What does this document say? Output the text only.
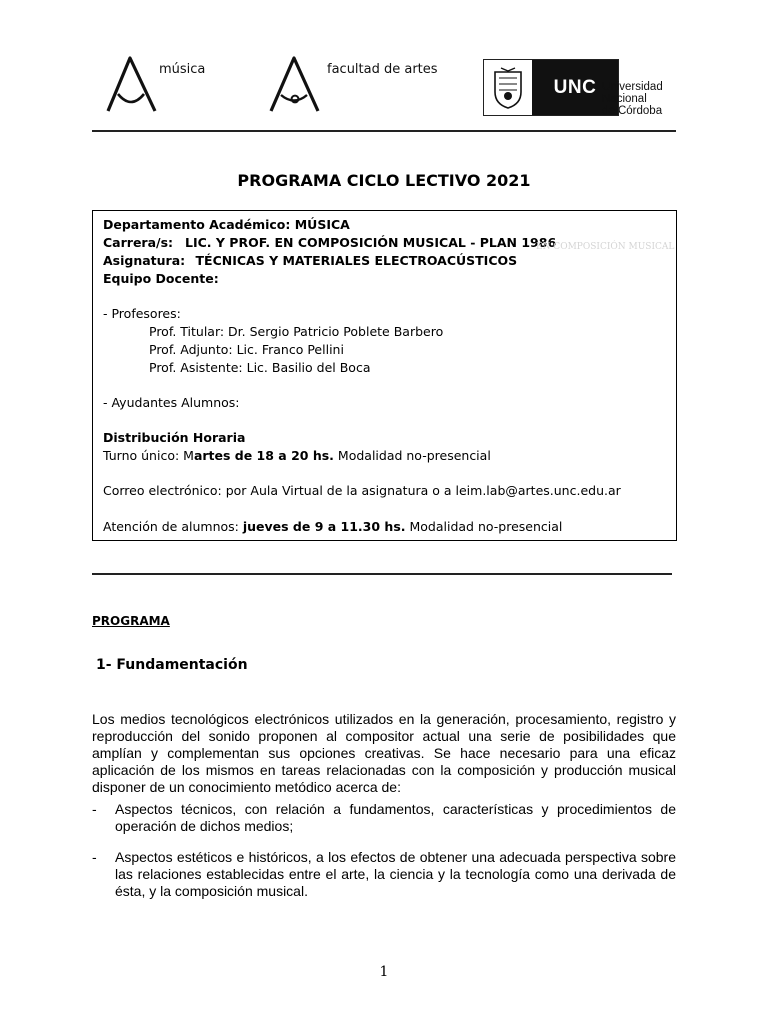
música	facultad de artes
UNC Universidad
Nacional
de Córdoba
PROGRAMA CICLO LECTIVO 2021
Departamento Académico: MÚSICA
Carrera/s: LIC. Y PROF. EN COMPOSICIÓN MUSICAL - PLAN 1986
EN COMPOSICIÓN MUSICAL
Asignatura: TÉCNICAS Y MATERIALES ELECTROACÚSTICOS
Equipo Docente:
- Profesores:
Prof. Titular: Dr. Sergio Patricio Poblete Barbero
Prof. Adjunto: Lic. Franco Pellini
Prof. Asistente: Lic. Basilio del Boca
- Ayudantes Alumnos:
Distribución Horaria
Turno único: Martes de 18 a 20 hs. Modalidad no-presencial
Correo electrónico: por Aula Virtual de la asignatura o a leim.lab@artes.unc.edu.ar
Atención de alumnos: jueves de 9 a 11.30 hs. Modalidad no-presencial
PROGRAMA
1- Fundamentación
Los medios tecnológicos electrónicos utilizados en la generación, procesamiento, registro y reproducción del sonido proponen al compositor actual una serie de posibilidades que amplían y complementan sus opciones creativas. Se hace necesario para una eficaz aplicación de los mismos en tareas relacionadas con la composición y producción musical disponer de un conocimiento metódico acerca de:
- Aspectos técnicos, con relación a fundamentos, características y procedimientos de operación de dichos medios;
- Aspectos estéticos e históricos, a los efectos de obtener una adecuada perspectiva sobre las relaciones establecidas entre el arte, la ciencia y la tecnología como una derivada de ésta, y la composición musical.
1
